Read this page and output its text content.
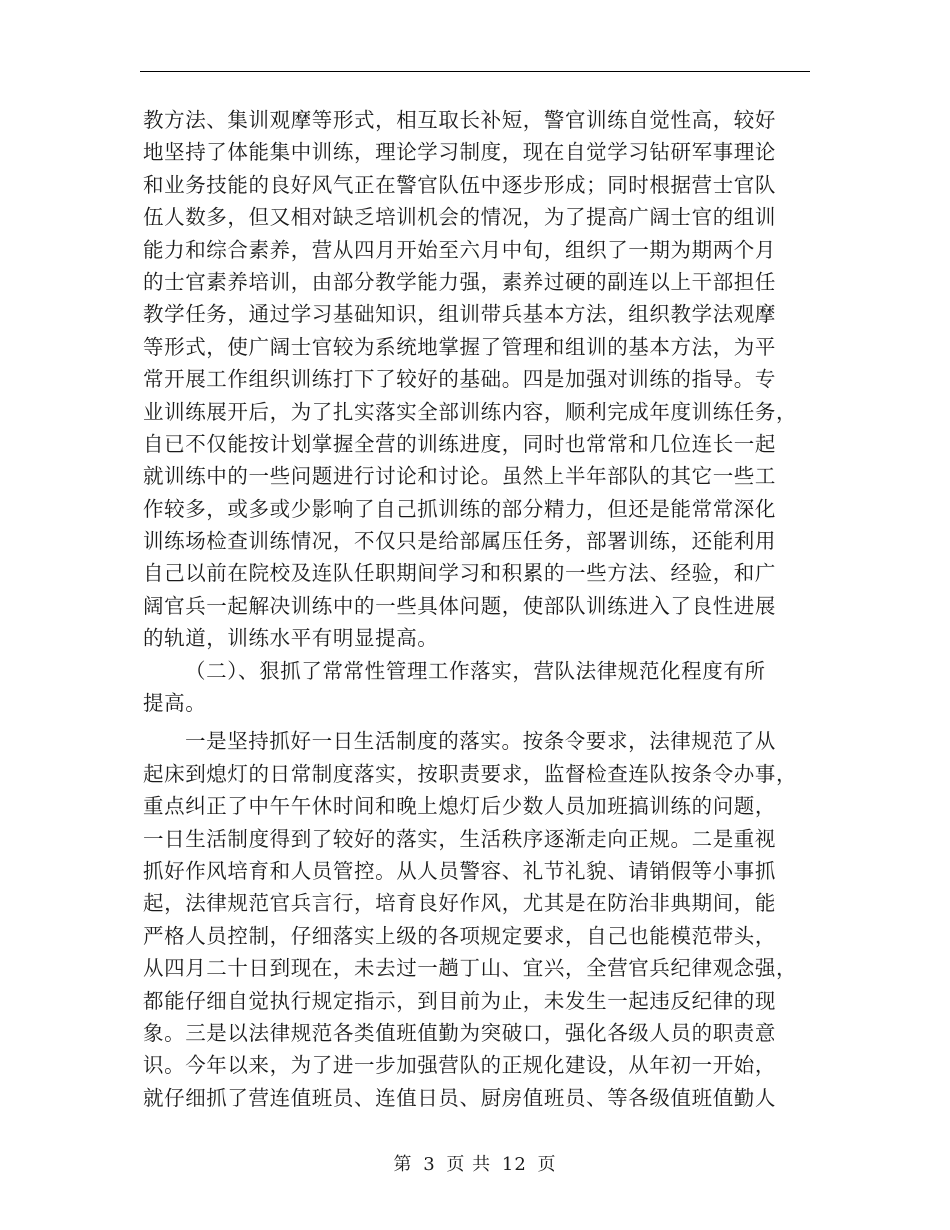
教方法、集训观摩等形式，相互取长补短，警官训练自觉性高，较好
地坚持了体能集中训练，理论学习制度，现在自觉学习钻研军事理论
和业务技能的良好风气正在警官队伍中逐步形成；同时根据营士官队
伍人数多，但又相对缺乏培训机会的情况，为了提高广阔士官的组训
能力和综合素养，营从四月开始至六月中旬，组织了一期为期两个月
的士官素养培训，由部分教学能力强，素养过硬的副连以上干部担任
教学任务，通过学习基础知识，组训带兵基本方法，组织教学法观摩
等形式，使广阔士官较为系统地掌握了管理和组训的基本方法，为平
常开展工作组织训练打下了较好的基础。四是加强对训练的指导。专
业训练展开后，为了扎实落实全部训练内容，顺利完成年度训练任务，
自已不仅能按计划掌握全营的训练进度，同时也常常和几位连长一起
就训练中的一些问题进行讨论和讨论。虽然上半年部队的其它一些工
作较多，或多或少影响了自己抓训练的部分精力，但还是能常常深化
训练场检查训练情况，不仅只是给部属压任务，部署训练，还能利用
自己以前在院校及连队任职期间学习和积累的一些方法、经验，和广
阔官兵一起解决训练中的一些具体问题，使部队训练进入了良性进展
的轨道，训练水平有明显提高。
（二）、狠抓了常常性管理工作落实，营队法律规范化程度有所
提高。
一是坚持抓好一日生活制度的落实。按条令要求，法律规范了从
起床到熄灯的日常制度落实，按职责要求，监督检查连队按条令办事，
重点纠正了中午午休时间和晚上熄灯后少数人员加班搞训练的问题，
一日生活制度得到了较好的落实，生活秩序逐渐走向正规。二是重视
抓好作风培育和人员管控。从人员警容、礼节礼貌、请销假等小事抓
起，法律规范官兵言行，培育良好作风，尤其是在防治非典期间，能
严格人员控制，仔细落实上级的各项规定要求，自己也能模范带头，
从四月二十日到现在，未去过一趟丁山、宜兴，全营官兵纪律观念强，
都能仔细自觉执行规定指示，到目前为止，未发生一起违反纪律的现
象。三是以法律规范各类值班值勤为突破口，强化各级人员的职责意
识。今年以来，为了进一步加强营队的正规化建设，从年初一开始，
就仔细抓了营连值班员、连值日员、厨房值班员、等各级值班值勤人
第 3 页 共 12 页
